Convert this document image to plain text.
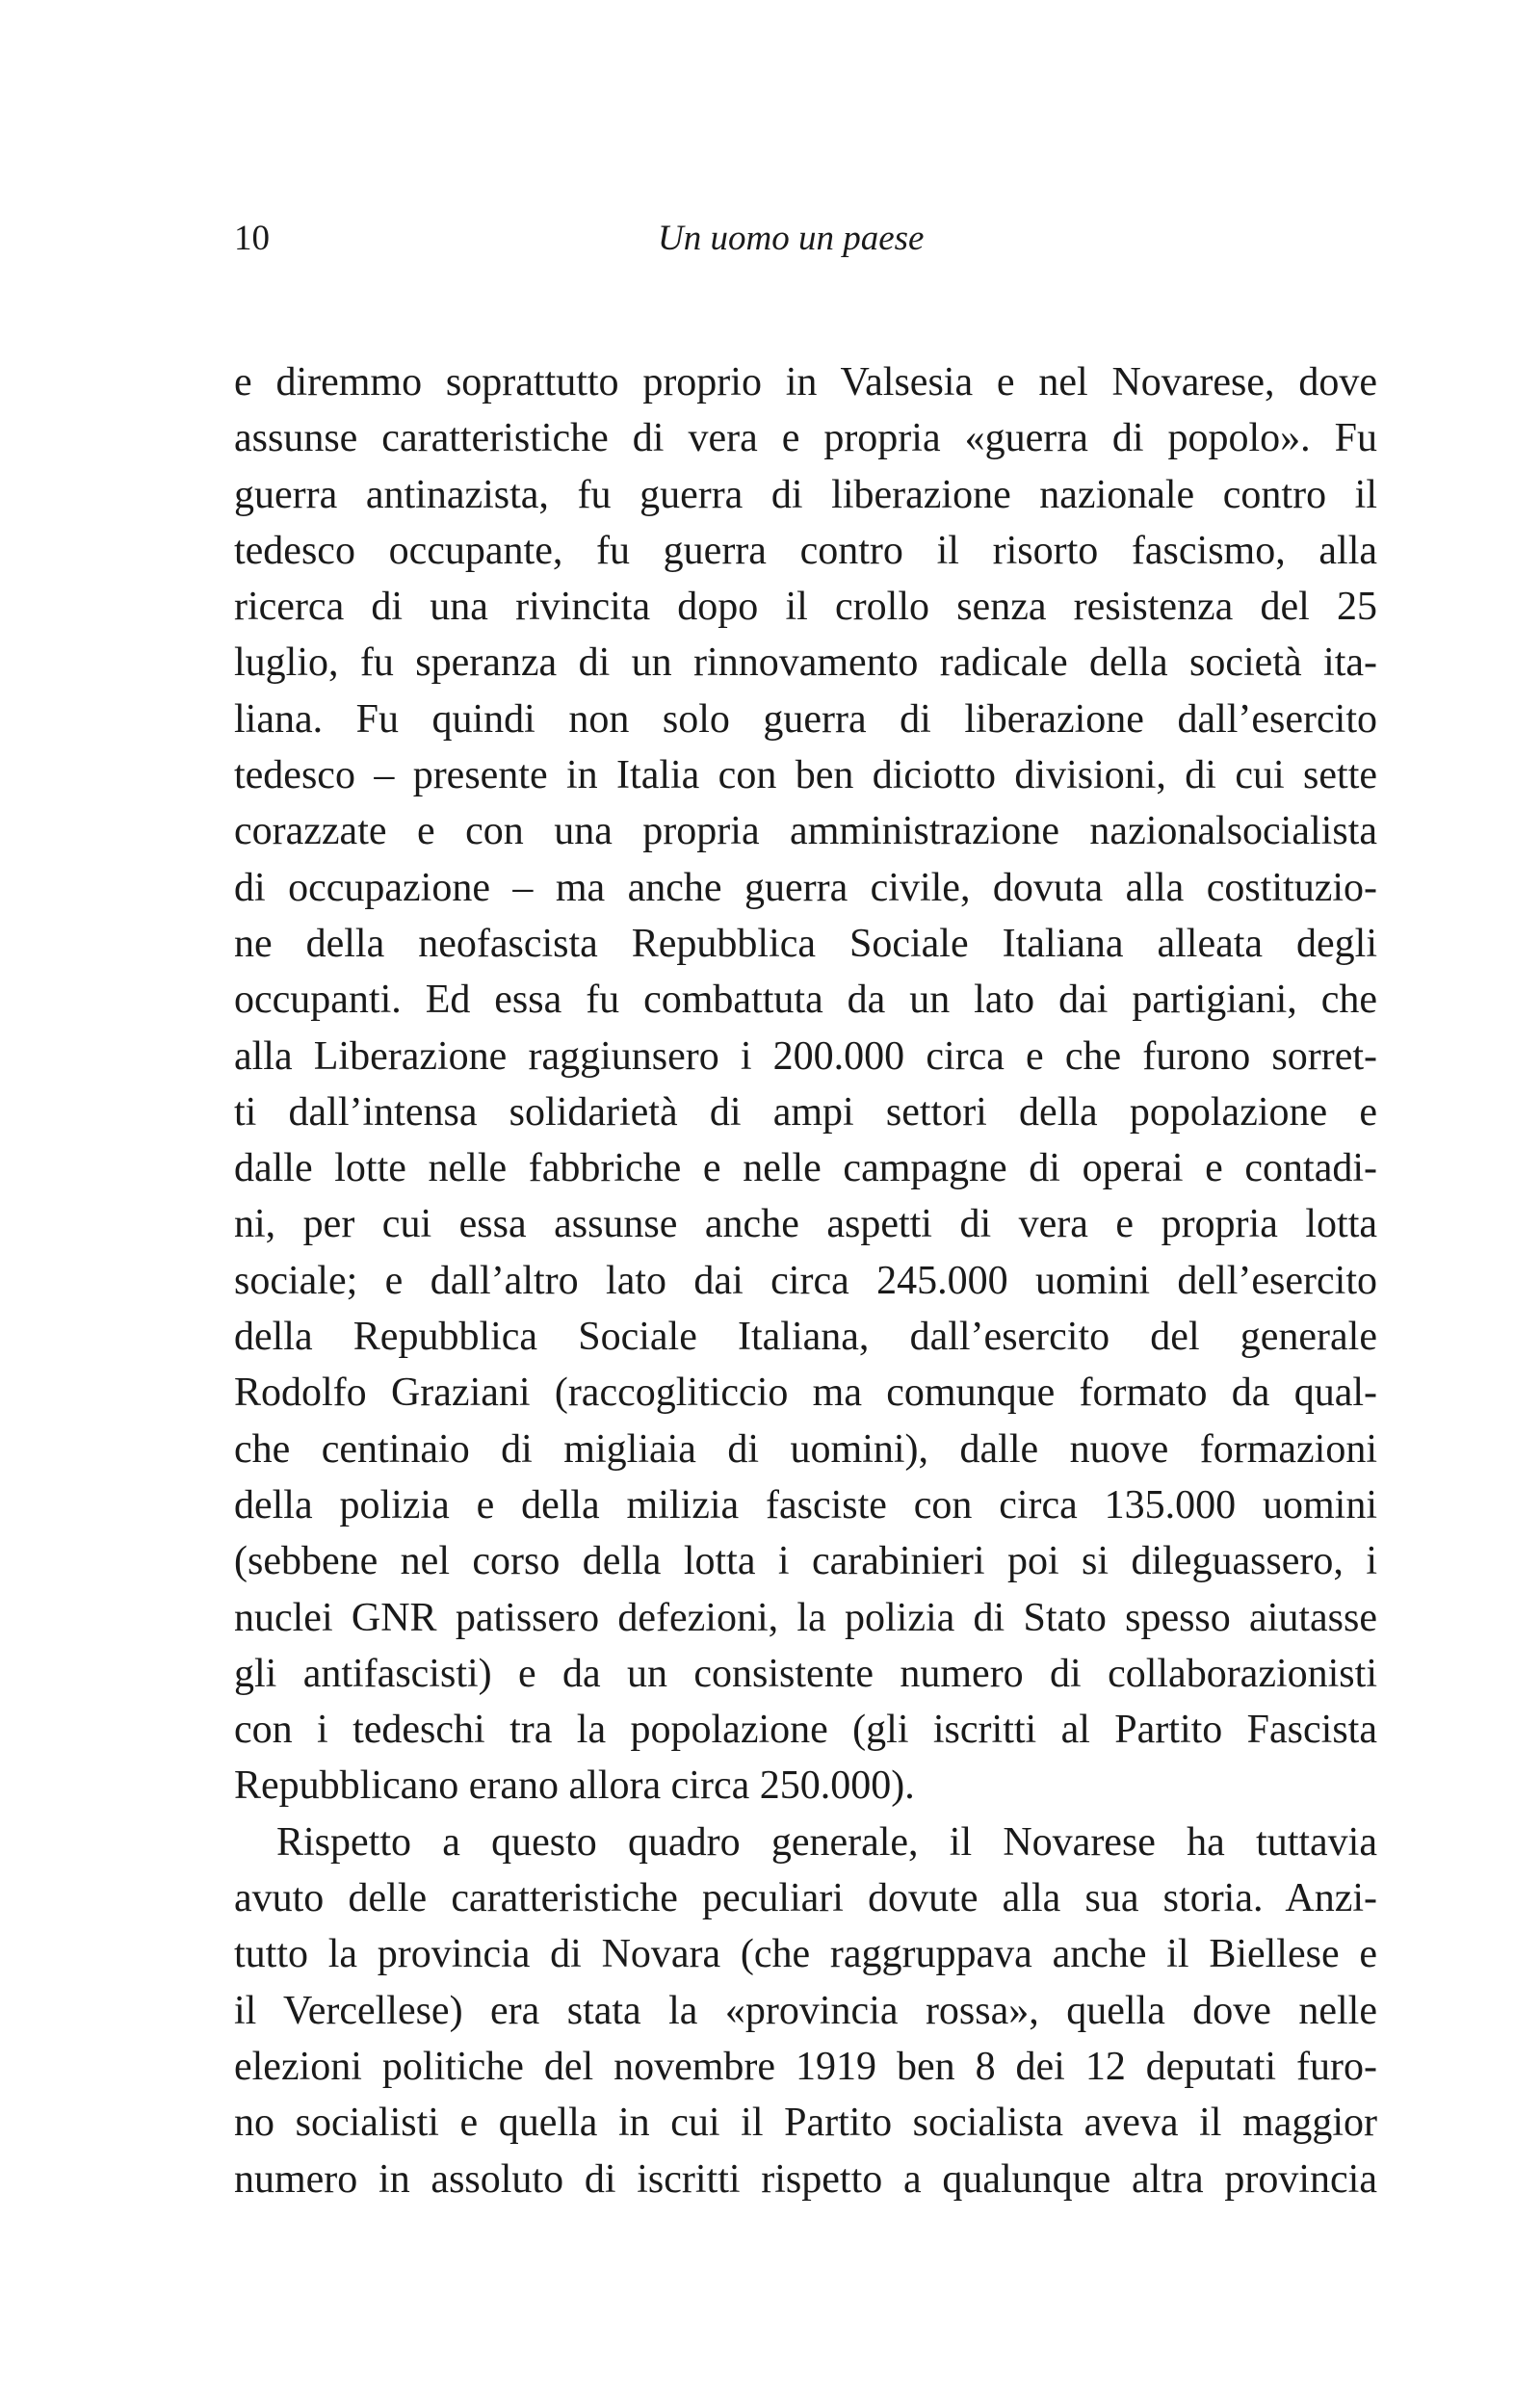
10	Un uomo un paese
e diremmo soprattutto proprio in Valsesia e nel Novarese, dove
assunse caratteristiche di vera e propria «guerra di popolo». Fu
guerra antinazista, fu guerra di liberazione nazionale contro il
tedesco occupante, fu guerra contro il risorto fascismo, alla
ricerca di una rivincita dopo il crollo senza resistenza del 25
luglio, fu speranza di un rinnovamento radicale della società ita-
liana. Fu quindi non solo guerra di liberazione dall’esercito
tedesco – presente in Italia con ben diciotto divisioni, di cui sette
corazzate e con una propria amministrazione nazionalsocialista
di occupazione – ma anche guerra civile, dovuta alla costituzio-
ne della neofascista Repubblica Sociale Italiana alleata degli
occupanti. Ed essa fu combattuta da un lato dai partigiani, che
alla Liberazione raggiunsero i 200.000 circa e che furono sorret-
ti dall’intensa solidarietà di ampi settori della popolazione e
dalle lotte nelle fabbriche e nelle campagne di operai e contadi-
ni, per cui essa assunse anche aspetti di vera e propria lotta
sociale; e dall’altro lato dai circa 245.000 uomini dell’esercito
della Repubblica Sociale Italiana, dall’esercito del generale
Rodolfo Graziani (raccogliticcio ma comunque formato da qual-
che centinaio di migliaia di uomini), dalle nuove formazioni
della polizia e della milizia fasciste con circa 135.000 uomini
(sebbene nel corso della lotta i carabinieri poi si dileguassero, i
nuclei GNR patissero defezioni, la polizia di Stato spesso aiutasse
gli antifascisti) e da un consistente numero di collaborazionisti
con i tedeschi tra la popolazione (gli iscritti al Partito Fascista
Repubblicano erano allora circa 250.000).
Rispetto a questo quadro generale, il Novarese ha tuttavia
avuto delle caratteristiche peculiari dovute alla sua storia. Anzi-
tutto la provincia di Novara (che raggruppava anche il Biellese e
il Vercellese) era stata la «provincia rossa», quella dove nelle
elezioni politiche del novembre 1919 ben 8 dei 12 deputati furo-
no socialisti e quella in cui il Partito socialista aveva il maggior
numero in assoluto di iscritti rispetto a qualunque altra provincia
